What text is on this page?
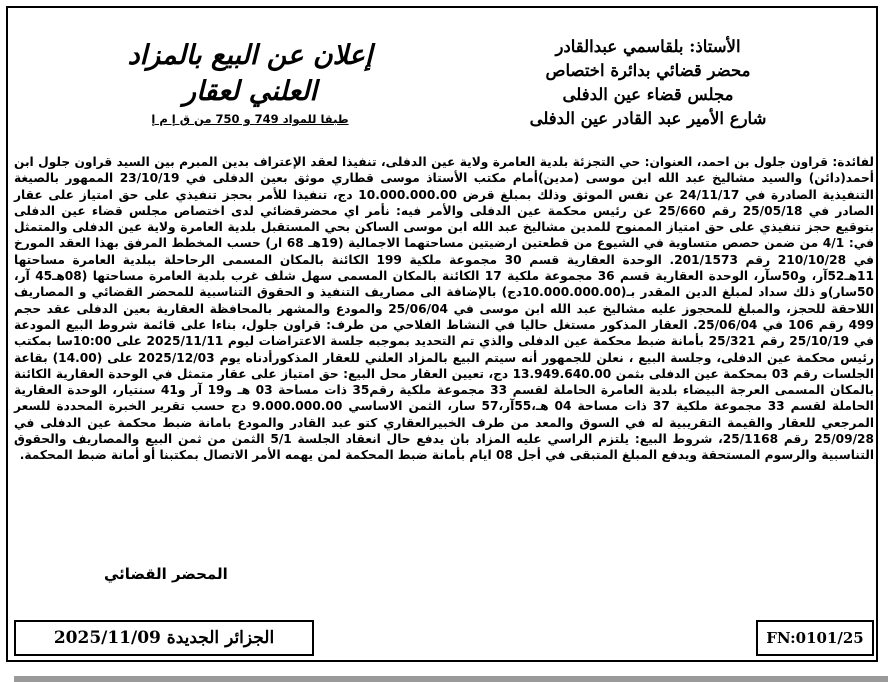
الأستاذ: بلقاسمي عبدالقادر
محضر قضائي بدائرة اختصاص
مجلس قضاء عين الدفلى
شارع الأمير عبد القادر عين الدفلى
إعلان عن البيع بالمزاد
العلني لعقار
طبقا للمواد 749 و 750 من ق إ م إ
لفائدة: قراون جلول بن احمد، العنوان: حي التجزئة بلدية العامرة ولاية عين الدفلى، تنفيذا لعقد الإعتراف بدين المبرم بين السيد قراون جلول ابن أحمد(دائن) والسيد مشاليخ عبد الله ابن موسى (مدين)أمام مكتب الأستاذ موسى قطاري موثق بعين الدفلى في 23/10/19 الممهور بالصيغة التنفيذية الصادرة في 24/11/17 عن نفس الموثق وذلك بمبلغ قرض 10.000.000.00 دج، تنفيذا للأمر بحجز تنفيذي على حق امتياز على عقار الصادر في 25/05/18 رقم 25/660 عن رئيس محكمة عين الدفلى والأمر فيه: نأمر اي محضرقضائي لدى اختصاص مجلس قضاء عين الدفلى بتوقيع حجز تنفيذي على حق امتياز الممنوح للمدين مشاليخ عبد الله ابن موسى الساكن بحي المستقبل بلدية العامرة ولاية عين الدفلى والمتمثل في: 4/1 من ضمن حصص متساوية في الشيوع من قطعتين ارضيتين مساحتهما الاجمالية (19هـ 68 ار) حسب المخطط المرفق بهذا العقد المورخ في 210/10/28 رقم 201/1573. الوحدة العقارية قسم 30 مجموعة ملكية 199 الكائنة بالمكان المسمى الرحاحلة ببلدية العامرة مساحتها 11هـ52آر، و50سآر، الوحدة العقارية قسم 36 مجموعة ملكية 17 الكائنة بالمكان المسمى سهل شلف غرب بلدية العامرة مساحتها (08هـ45 آر، 50سار)و ذلك سداد لمبلغ الدين المقدر بـ(10.000.000.00دج) بالإضافة الى مصاريف التنفيذ و الحقوق التناسبية للمحضر القضائي و المصاريف اللاحقة للحجز، والمبلغ للمحجوز عليه مشاليخ عبد الله ابن موسى في 25/06/04 والمودع والمشهر بالمحافظة العقارية بعين الدفلى عقد حجم 499 رقم 106 في 25/06/04. العقار المذكور مستغل حاليا في النشاط الفلاحي من طرف: قراون جلول، بناءا على قائمة شروط البيع المودعة في 25/10/19 رقم 25/321 بأمانة ضبط محكمة عين الدفلى والذي تم التحديد بموجبه جلسة الاعتراضات ليوم 2025/11/11 على 10:00سا بمكتب رئيس محكمة عين الدفلى، وجلسة البيع ، نعلن للجمهور أنه سيتم البيع بالمزاد العلني للعقار المذكورأدناه يوم 2025/12/03 على (14.00) بقاعة الجلسات رقم 03 بمحكمة عين الدفلى بثمن 13.949.640.00 دج، تعيين العقار محل البيع: حق امتياز على عقار متمثل في الوحدة العقارية الكائنة بالمكان المسمى العرجة البيضاء بلدية العامرة الحاملة لقسم 33 مجموعة ملكية رقم35 ذات مساحة 03 هـ و19 آر و41 سنتيار، الوحدة العقارية الحاملة لقسم 33 مجموعة ملكية 37 ذات مساحة 04 هـ،55آر،57 سار، الثمن الاساسي 9.000.000.00 دج حسب تقرير الخبرة المحددة للسعر المرجعي للعقار والقيمة التقريبية له في السوق والمعد من طرف الخبيرالعقاري كتو عبد القادر والمودع بامانة ضبط محكمة عين الدفلى في 25/09/28 رقم 25/1168، شروط البيع: يلتزم الراسي عليه المزاد بان يدفع حال انعقاد الجلسة 5/1 الثمن من ثمن البيع والمصاريف والحقوق التناسبية والرسوم المستحقة ويدفع المبلغ المتبقى في أجل 08 ايام بأمانة ضبط المحكمة لمن يهمه الأمر الاتصال بمكتبنا أو أمانة ضبط المحكمة.
المحضر القضائي
الجزائر الجديدة 2025/11/09	FN:0101/25
